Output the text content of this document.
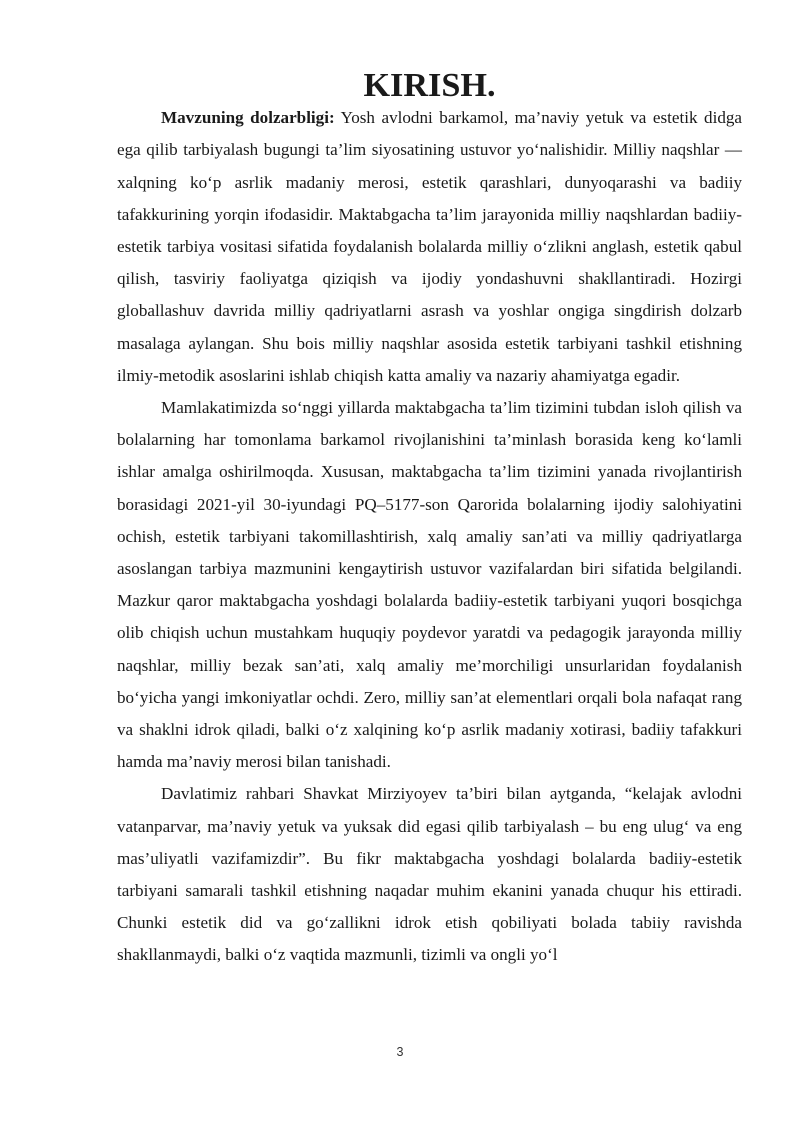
KIRISH.

Mavzuning dolzarbligi: Yosh avlodni barkamol, ma’naviy yetuk va estetik didga ega qilib tarbiyalash bugungi ta’lim siyosatining ustuvor yo‘nalishidir. Milliy naqshlar — xalqning ko‘p asrlik madaniy merosi, estetik qarashlari, dunyoqarashi va badiiy tafakkurining yorqin ifodasidir. Maktabgacha ta’lim jarayonida milliy naqshlardan badiiy-estetik tarbiya vositasi sifatida foydalanish bolalarda milliy o‘zlikni anglash, estetik qabul qilish, tasviriy faoliyatga qiziqish va ijodiy yondashuvni shakllantiradi. Hozirgi globallashuv davrida milliy qadriyatlarni asrash va yoshlar ongiga singdirish dolzarb masalaga aylangan. Shu bois milliy naqshlar asosida estetik tarbiyani tashkil etishning ilmiy-metodik asoslarini ishlab chiqish katta amaliy va nazariy ahamiyatga egadir.

Mamlakatimizda so‘nggi yillarda maktabgacha ta’lim tizimini tubdan isloh qilish va bolalarning har tomonlama barkamol rivojlanishini ta’minlash borasida keng ko‘lamli ishlar amalga oshirilmoqda. Xususan, maktabgacha ta’lim tizimini yanada rivojlantirish borasidagi 2021-yil 30-iyundagi PQ–5177-son Qarorida bolalarning ijodiy salohiyatini ochish, estetik tarbiyani takomillashtirish, xalq amaliy san’ati va milliy qadriyatlarga asoslangan tarbiya mazmunini kengaytirish ustuvor vazifalardan biri sifatida belgilandi. Mazkur qaror maktabgacha yoshdagi bolalarda badiiy-estetik tarbiyani yuqori bosqichga olib chiqish uchun mustahkam huquqiy poydevor yaratdi va pedagogik jarayonda milliy naqshlar, milliy bezak san’ati, xalq amaliy me’morchiligi unsurlaridan foydalanish bo‘yicha yangi imkoniyatlar ochdi. Zero, milliy san’at elementlari orqali bola nafaqat rang va shaklni idrok qiladi, balki o‘z xalqining ko‘p asrlik madaniy xotirasi, badiiy tafakkuri hamda ma’naviy merosi bilan tanishadi.

Davlatimiz rahbari Shavkat Mirziyoyev ta’biri bilan aytganda, “kelajak avlodni vatanparvar, ma’naviy yetuk va yuksak did egasi qilib tarbiyalash – bu eng ulug‘ va eng mas’uliyatli vazifamizdir”. Bu fikr maktabgacha yoshdagi bolalarda badiiy-estetik tarbiyani samarali tashkil etishning naqadar muhim ekanini yanada chuqur his ettiradi. Chunki estetik did va go‘zallikni idrok etish qobiliyati bolada tabiiy ravishda shakllanmaydi, balki o‘z vaqtida mazmunli, tizimli va ongli yo‘l

3
